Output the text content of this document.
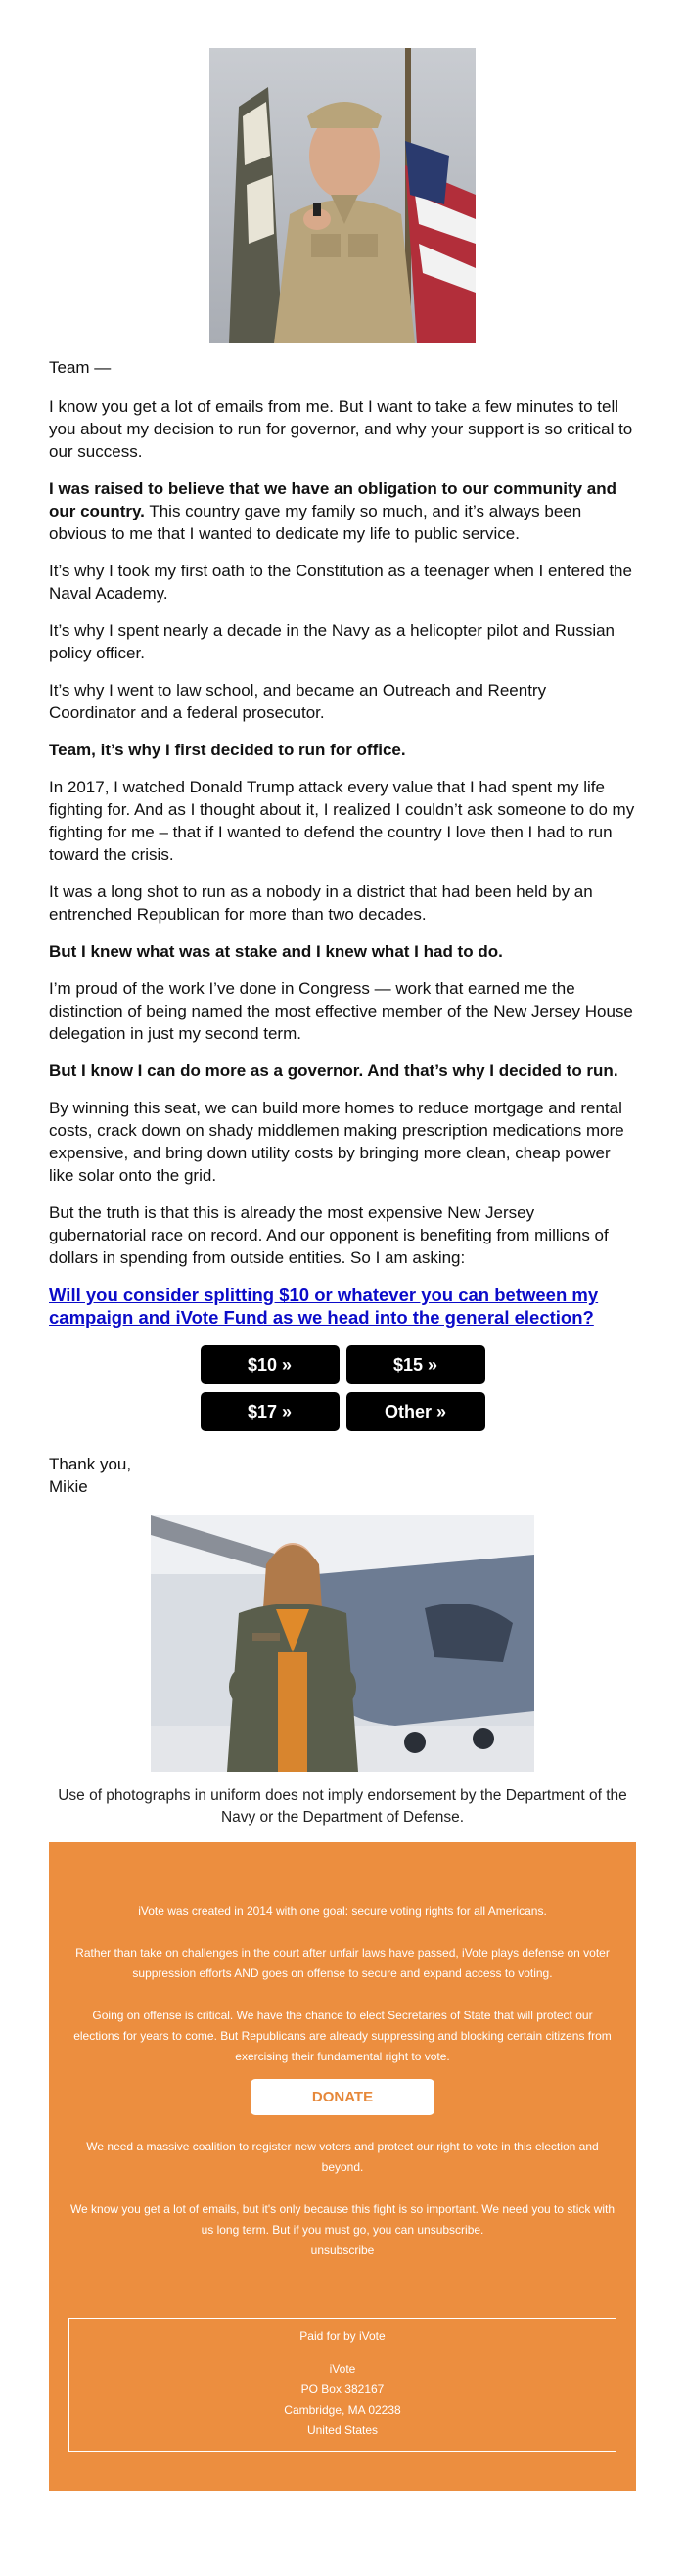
Team —

I know you get a lot of emails from me. But I want to take a few minutes to tell you about my decision to run for governor, and why your support is so critical to our success.

I was raised to believe that we have an obligation to our community and our country. This country gave my family so much, and it’s always been obvious to me that I wanted to dedicate my life to public service.

It’s why I took my first oath to the Constitution as a teenager when I entered the Naval Academy.

It’s why I spent nearly a decade in the Navy as a helicopter pilot and Russian policy officer.

It’s why I went to law school, and became an Outreach and Reentry Coordinator and a federal prosecutor.

Team, it’s why I first decided to run for office.

In 2017, I watched Donald Trump attack every value that I had spent my life fighting for. And as I thought about it, I realized I couldn’t ask someone to do my fighting for me – that if I wanted to defend the country I love then I had to run toward the crisis.

It was a long shot to run as a nobody in a district that had been held by an entrenched Republican for more than two decades.

But I knew what was at stake and I knew what I had to do.

I’m proud of the work I’ve done in Congress — work that earned me the distinction of being named the most effective member of the New Jersey House delegation in just my second term.

But I know I can do more as a governor. And that’s why I decided to run.

By winning this seat, we can build more homes to reduce mortgage and rental costs, crack down on shady middlemen making prescription medications more expensive, and bring down utility costs by bringing more clean, cheap power like solar onto the grid.

But the truth is that this is already the most expensive New Jersey gubernatorial race on record. And our opponent is benefiting from millions of dollars in spending from outside entities. So I am asking:

Will you consider splitting $10 or whatever you can between my campaign and iVote Fund as we head into the general election?

$10 »	$15 »
$17 »	Other »
Thank you,
Mikie
Use of photographs in uniform does not imply endorsement by the Department of the Navy or the Department of Defense.

iVote was created in 2014 with one goal: secure voting rights for all Americans.

Rather than take on challenges in the court after unfair laws have passed, iVote plays defense on voter suppression efforts AND goes on offense to secure and expand access to voting.

Going on offense is critical. We have the chance to elect Secretaries of State that will protect our elections for years to come. But Republicans are already suppressing and blocking certain citizens from exercising their fundamental right to vote.

DONATE

We need a massive coalition to register new voters and protect our right to vote in this election and beyond.

We know you get a lot of emails, but it's only because this fight is so important. We need you to stick with us long term. But if you must go, you can unsubscribe.
unsubscribe

Paid for by iVote

iVote

PO Box 382167

Cambridge, MA 02238

United States
